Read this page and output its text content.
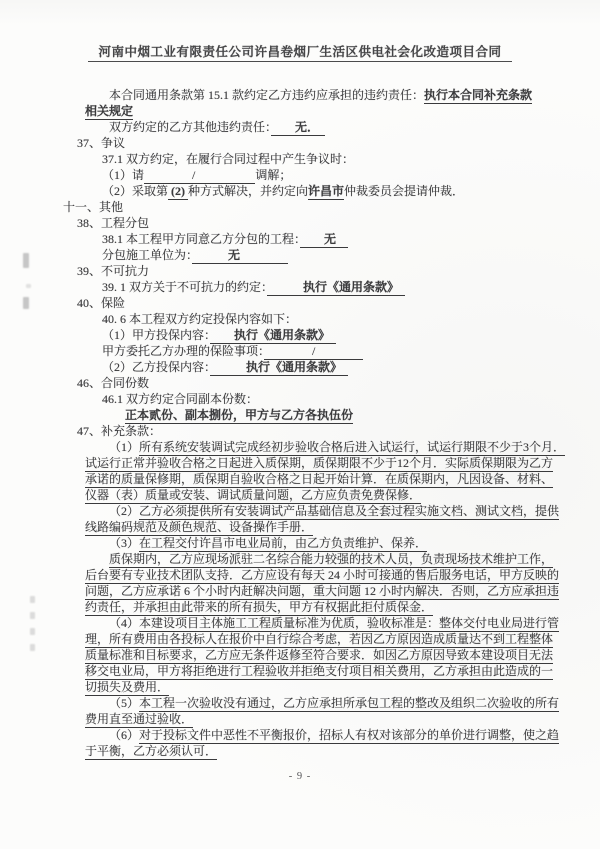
河南中烟工业有限责任公司许昌卷烟厂生活区供电社会化改造项目合同
本合同通用条款第 15.1 款约定乙方违约应承担的违约责任：执行本合同补充条款
相关规定
双方约定的乙方其他违约责任：　　无．　
37、争议
37.1 双方约定，在履行合同过程中产生争议时：
（1）请　　　　/　　　　　调解；
（2）采取第 (2) 种方式解决，并约定向许昌市仲裁委员会提请仲裁．
十一、其他
38、工程分包
38.1 本工程甲方同意乙方分包的工程：　　无　
分包施工单位为：　　　无　　　　
39、不可抗力
39. 1 双方关于不可抗力的约定：　　　执行《通用条款》　
40、保险
40. 6 本工程双方约定投保内容如下：
（1）甲方投保内容：　　执行《通用条款》　
甲方委托乙方办理的保险事项：　　　　/　　　　
（2）乙方投保内容：　　　执行《通用条款》　
46、合同份数
46.1 双方约定合同副本份数：
正本贰份、副本捌份，甲方与乙方各执伍份
47、补充条款：
（1）所有系统安装调试完成经初步验收合格后进入试运行，试运行期限不少于3个月．
试运行正常并验收合格之日起进入质保期，质保期限不少于12个月．实际质保期限为乙方
承诺的质量保修期，质保期自验收合格之日起开始计算．在质保期内，凡因设备、材料、
仪器（表）质量或安装、调试质量问题，乙方应负责免费保修．
（2）乙方必须提供所有安装调试产品基础信息及全套过程实施文档、测试文档，提供
线路编码规范及颜色规范、设备操作手册．
（3）在工程交付许昌市电业局前，由乙方负责维护、保养．
质保期内，乙方应现场派驻二名综合能力较强的技术人员，负责现场技术维护工作，
后台要有专业技术团队支持．乙方应设有每天 24 小时可接通的售后服务电话，甲方反映的
问题，乙方应承诺 6 个小时内赶解决问题，重大问题 12 小时内解决．否则，乙方应承担违
约责任，并承担由此带来的所有损失，甲方有权据此拒付质保金．
（4）本建设项目主体施工工程质量标准为优质，验收标准是：整体交付电业局进行管
理，所有费用由各投标人在报价中自行综合考虑，若因乙方原因造成质量达不到工程整体
质量标准和目标要求，乙方应无条件返修至符合要求．如因乙方原因导致本建设项目无法
移交电业局，甲方将拒绝进行工程验收并拒绝支付项目相关费用，乙方承担由此造成的一
切损失及费用．
（5）本工程一次验收没有通过，乙方应承担所承包工程的整改及组织二次验收的所有
费用直至通过验收．
（6）对于投标文件中恶性不平衡报价，招标人有权对该部分的单价进行调整，使之趋
于平衡，乙方必须认可．
- 9 -
